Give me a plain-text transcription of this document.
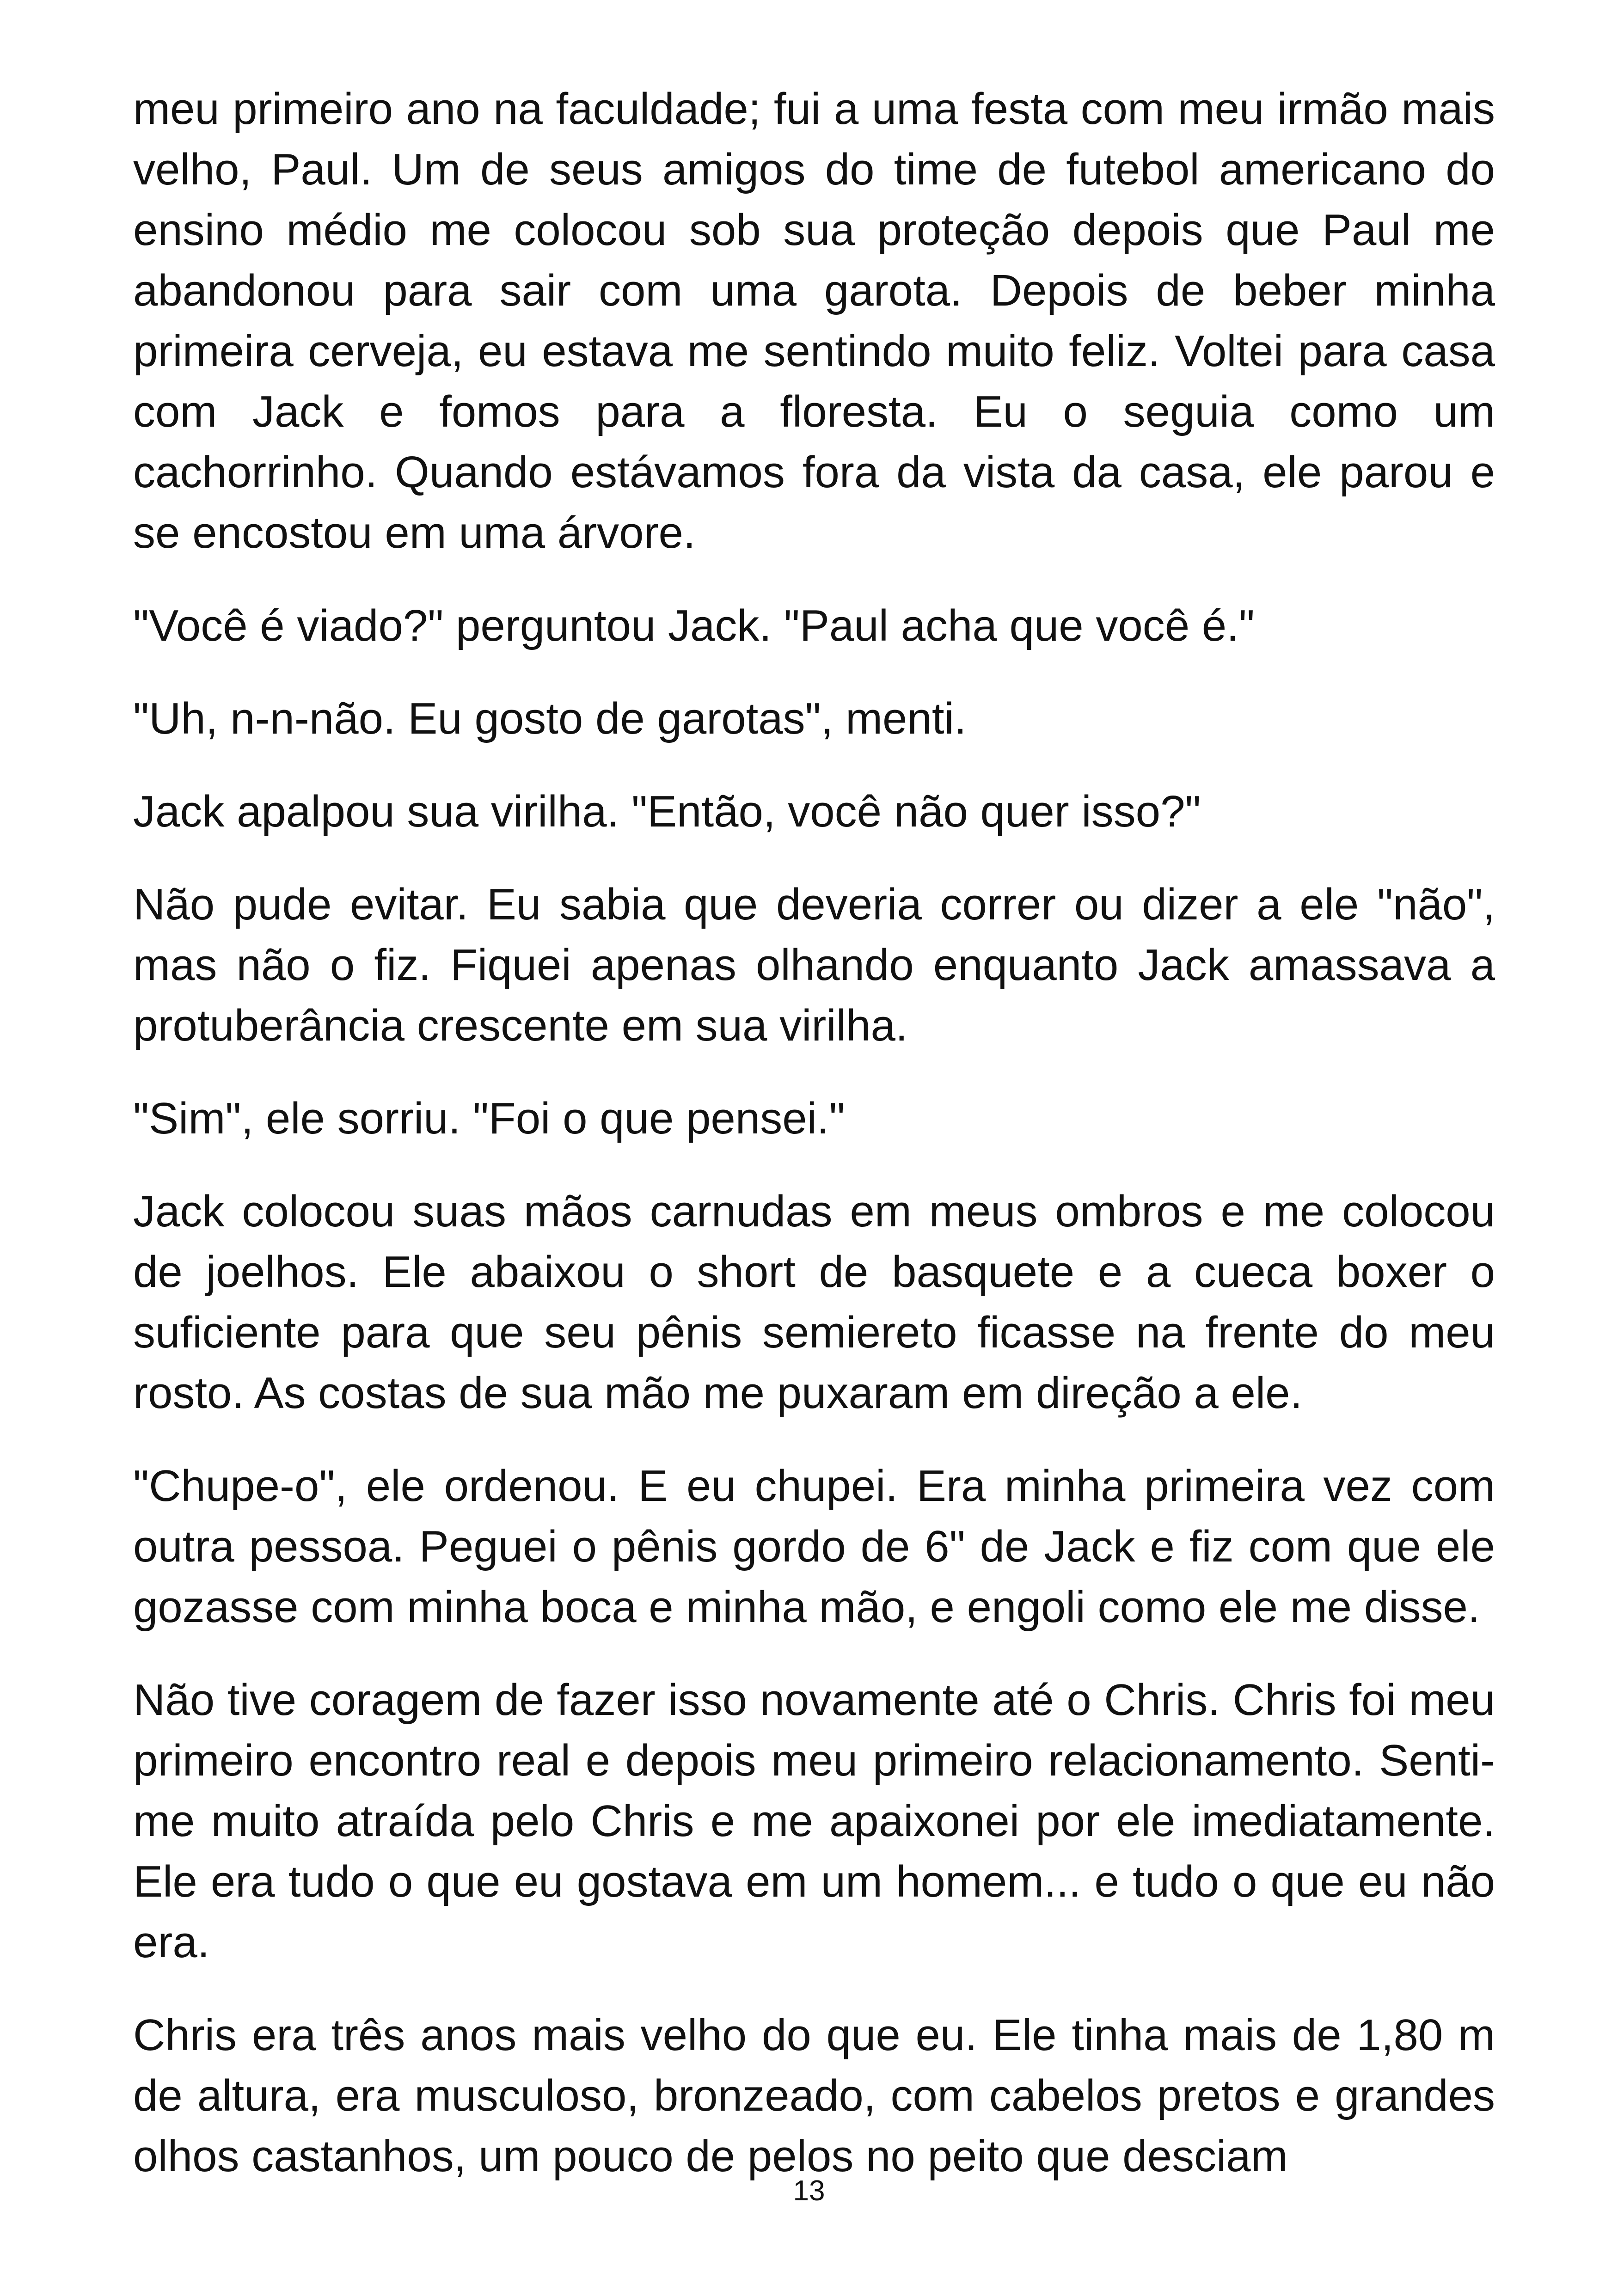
meu primeiro ano na faculdade; fui a uma festa com meu irmão mais velho, Paul. Um de seus amigos do time de futebol americano do ensino médio me colocou sob sua proteção depois que Paul me abandonou para sair com uma garota. Depois de beber minha primeira cerveja, eu estava me sentindo muito feliz. Voltei para casa com Jack e fomos para a floresta. Eu o seguia como um cachorrinho. Quando estávamos fora da vista da casa, ele parou e se encostou em uma árvore.

"Você é viado?" perguntou Jack. "Paul acha que você é."

"Uh, n-n-não. Eu gosto de garotas", menti.

Jack apalpou sua virilha. "Então, você não quer isso?"

Não pude evitar. Eu sabia que deveria correr ou dizer a ele "não", mas não o fiz. Fiquei apenas olhando enquanto Jack amassava a protuberância crescente em sua virilha.

"Sim", ele sorriu. "Foi o que pensei."

Jack colocou suas mãos carnudas em meus ombros e me colocou de joelhos. Ele abaixou o short de basquete e a cueca boxer o suficiente para que seu pênis semiereto ficasse na frente do meu rosto. As costas de sua mão me puxaram em direção a ele.

"Chupe-o", ele ordenou. E eu chupei. Era minha primeira vez com outra pessoa. Peguei o pênis gordo de 6" de Jack e fiz com que ele gozasse com minha boca e minha mão, e engoli como ele me disse.

Não tive coragem de fazer isso novamente até o Chris. Chris foi meu primeiro encontro real e depois meu primeiro relacionamento. Senti-me muito atraída pelo Chris e me apaixonei por ele imediatamente. Ele era tudo o que eu gostava em um homem... e tudo o que eu não era.

Chris era três anos mais velho do que eu. Ele tinha mais de 1,80 m de altura, era musculoso, bronzeado, com cabelos pretos e grandes olhos castanhos, um pouco de pelos no peito que desciam

13
